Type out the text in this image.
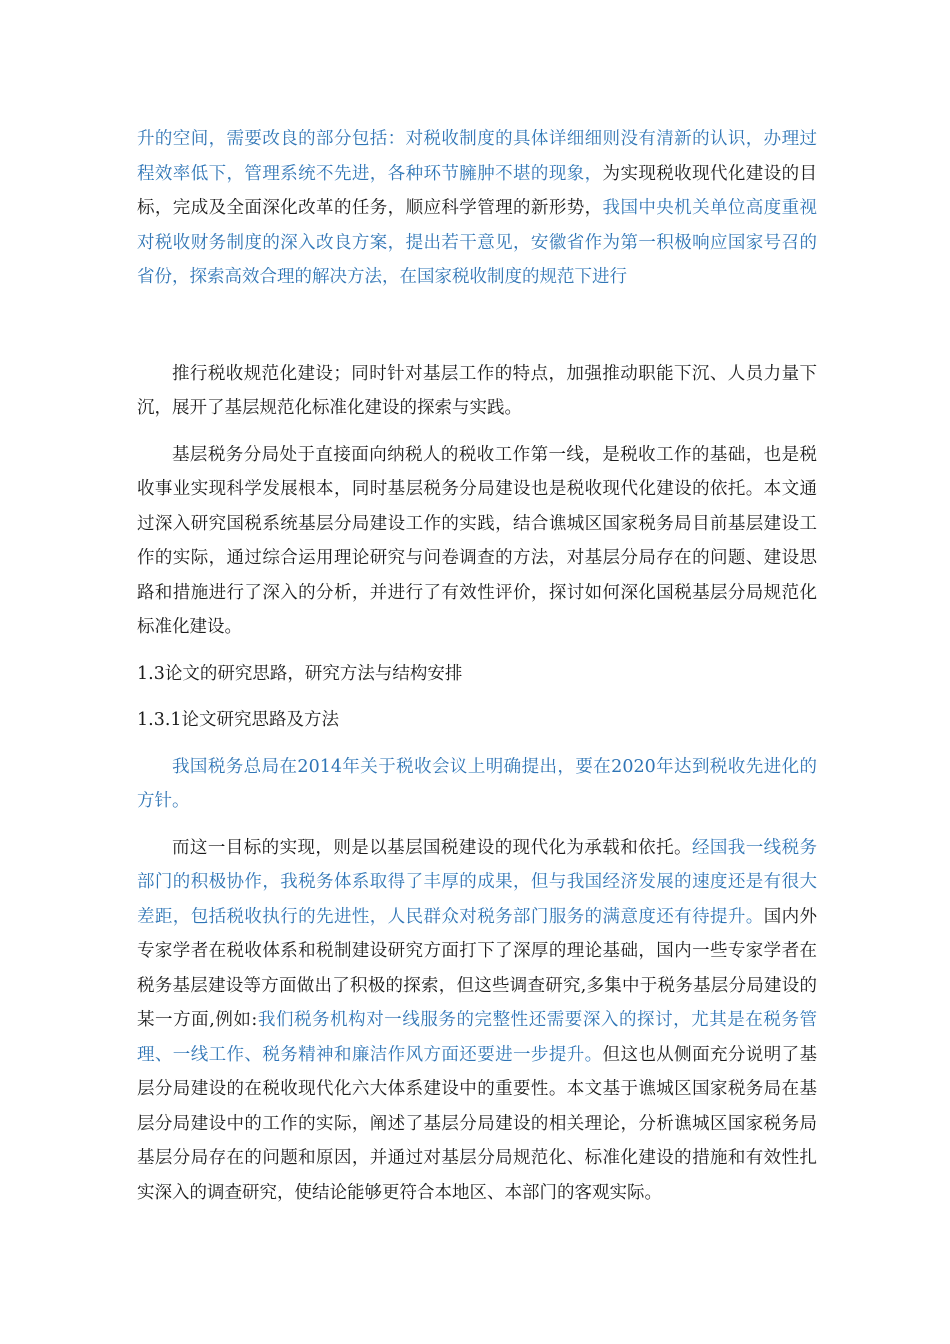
升的空间，需要改良的部分包括：对税收制度的具体详细细则没有清新的认识，办理过程效率低下，管理系统不先进，各种环节臃肿不堪的现象，为实现税收现代化建设的目标，完成及全面深化改革的任务，顺应科学管理的新形势，我国中央机关单位高度重视对税收财务制度的深入改良方案，提出若干意见，安徽省作为第一积极响应国家号召的省份，探索高效合理的解决方法，在国家税收制度的规范下进行

推行税收规范化建设；同时针对基层工作的特点，加强推动职能下沉、人员力量下沉，展开了基层规范化标准化建设的探索与实践。

基层税务分局处于直接面向纳税人的税收工作第一线，是税收工作的基础，也是税收事业实现科学发展根本，同时基层税务分局建设也是税收现代化建设的依托。本文通过深入研究国税系统基层分局建设工作的实践，结合谯城区国家税务局目前基层建设工作的实际，通过综合运用理论研究与问卷调查的方法，对基层分局存在的问题、建设思路和措施进行了深入的分析，并进行了有效性评价，探讨如何深化国税基层分局规范化标准化建设。

1.3论文的研究思路，研究方法与结构安排

1.3.1论文研究思路及方法

我国税务总局在2014年关于税收会议上明确提出，要在2020年达到税收先进化的方针。

而这一目标的实现，则是以基层国税建设的现代化为承载和依托。经国我一线税务部门的积极协作，我税务体系取得了丰厚的成果，但与我国经济发展的速度还是有很大差距，包括税收执行的先进性，人民群众对税务部门服务的满意度还有待提升。国内外专家学者在税收体系和税制建设研究方面打下了深厚的理论基础，国内一些专家学者在税务基层建设等方面做出了积极的探索，但这些调查研究,多集中于税务基层分局建设的某一方面,例如:我们税务机构对一线服务的完整性还需要深入的探讨，尤其是在税务管理、一线工作、税务精神和廉洁作风方面还要进一步提升。但这也从侧面充分说明了基层分局建设的在税收现代化六大体系建设中的重要性。本文基于谯城区国家税务局在基层分局建设中的工作的实际，阐述了基层分局建设的相关理论，分析谯城区国家税务局基层分局存在的问题和原因，并通过对基层分局规范化、标准化建设的措施和有效性扎实深入的调查研究，使结论能够更符合本地区、本部门的客观实际。
